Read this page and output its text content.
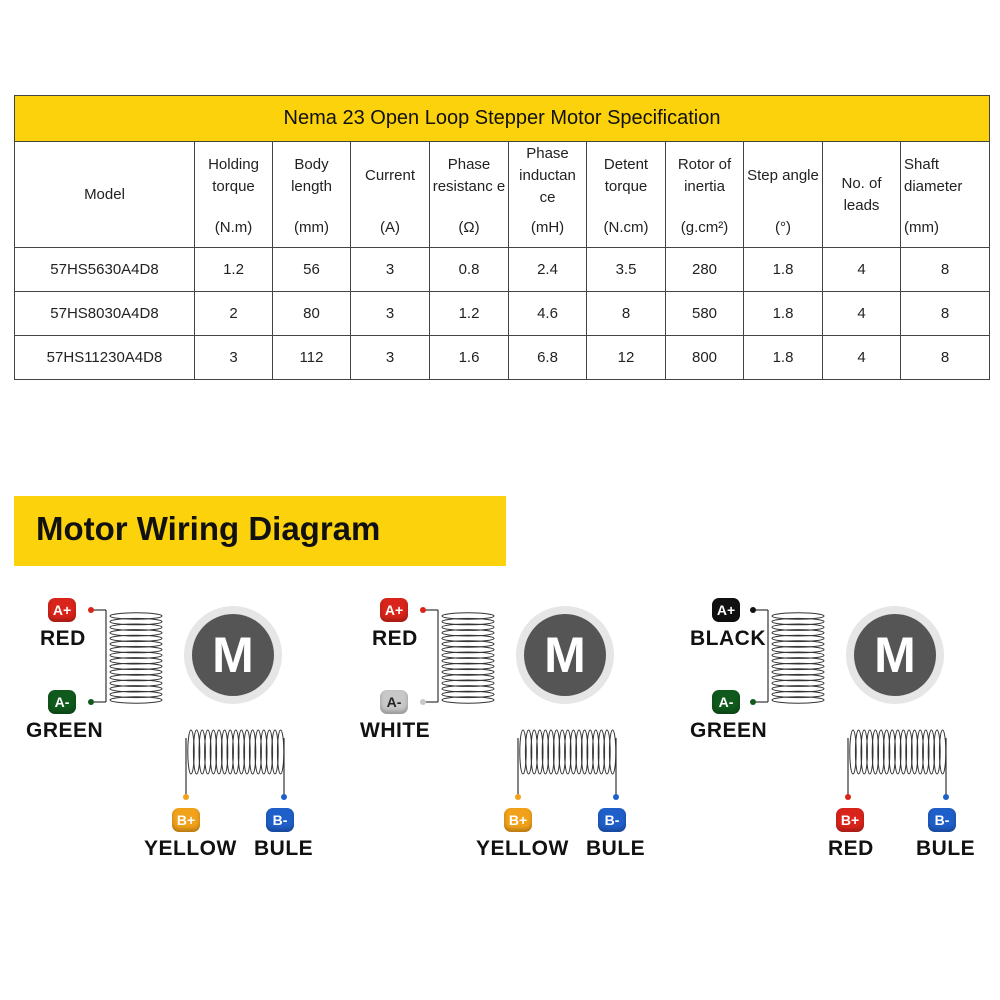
Nema 23 Open Loop Stepper Motor Specification										
Model	Holding torque	Body length	Current	Phase resistanc e	Phase inductan ce	Detent torque	Rotor of inertia	Step angle	No. of leads	Shaft diameter
	(N.m)	(mm)	(A)	(Ω)	(mH)	(N.cm)	(g.cm²)	(°)		(mm)
57HS5630A4D8	1.2	56	3	0.8	2.4	3.5	280	1.8	4	8
57HS8030A4D8	2	80	3	1.2	4.6	8	580	1.8	4	8
57HS11230A4D8	3	112	3	1.6	6.8	12	800	1.8	4	8
Motor Wiring Diagram
A+
RED
A-
GREEN
M
B+
YELLOW
B-
BULE
A+
RED
A-
WHITE
M
B+
YELLOW
B-
BULE
A+
BLACK
A-
GREEN
M
B+
RED
B-
BULE
